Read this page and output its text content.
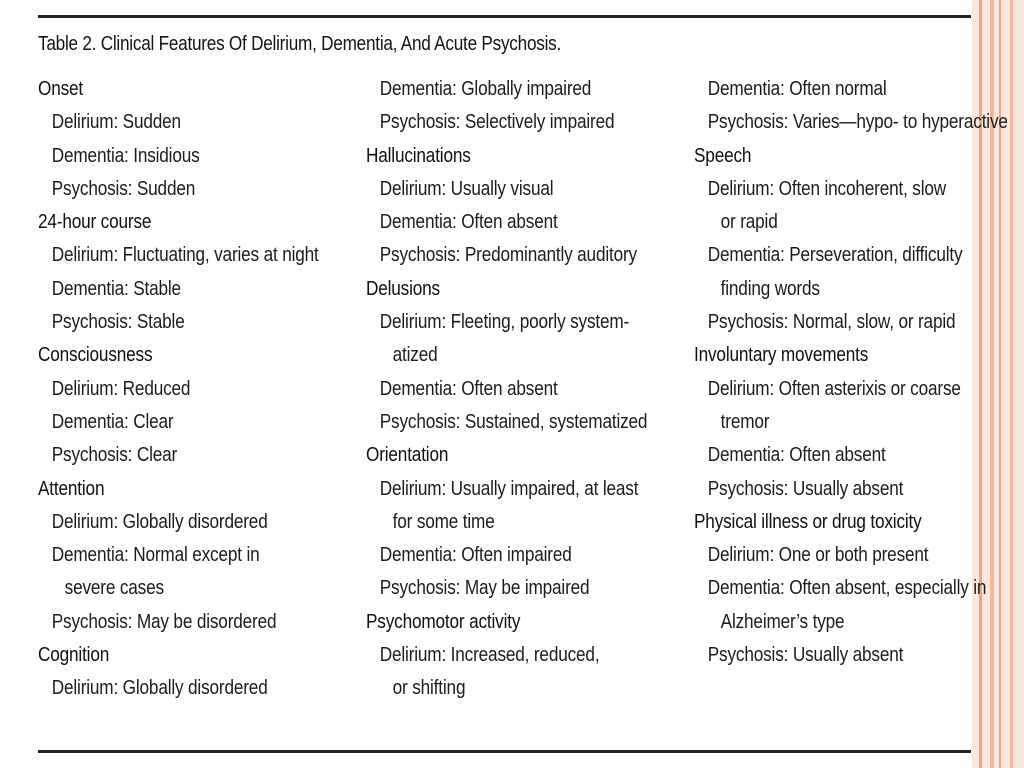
Table 2. Clinical Features Of Delirium, Dementia, And Acute Psychosis.
Onset
Delirium: Sudden
Dementia: Insidious
Psychosis: Sudden
24-hour course
Delirium: Fluctuating, varies at night
Dementia: Stable
Psychosis: Stable
Consciousness
Delirium: Reduced
Dementia: Clear
Psychosis: Clear
Attention
Delirium: Globally disordered
Dementia: Normal except in
severe cases
Psychosis: May be disordered
Cognition
Delirium: Globally disordered
Dementia: Globally impaired
Psychosis: Selectively impaired
Hallucinations
Delirium: Usually visual
Dementia: Often absent
Psychosis: Predominantly auditory
Delusions
Delirium: Fleeting, poorly system-
atized
Dementia: Often absent
Psychosis: Sustained, systematized
Orientation
Delirium: Usually impaired, at least
for some time
Dementia: Often impaired
Psychosis: May be impaired
Psychomotor activity
Delirium: Increased, reduced,
or shifting
Dementia: Often normal
Psychosis: Varies—hypo- to hyperactive
Speech
Delirium: Often incoherent, slow
or rapid
Dementia: Perseveration, difficulty
finding words
Psychosis: Normal, slow, or rapid
Involuntary movements
Delirium: Often asterixis or coarse
tremor
Dementia: Often absent
Psychosis: Usually absent
Physical illness or drug toxicity
Delirium: One or both present
Dementia: Often absent, especially in
Alzheimer’s type
Psychosis: Usually absent
